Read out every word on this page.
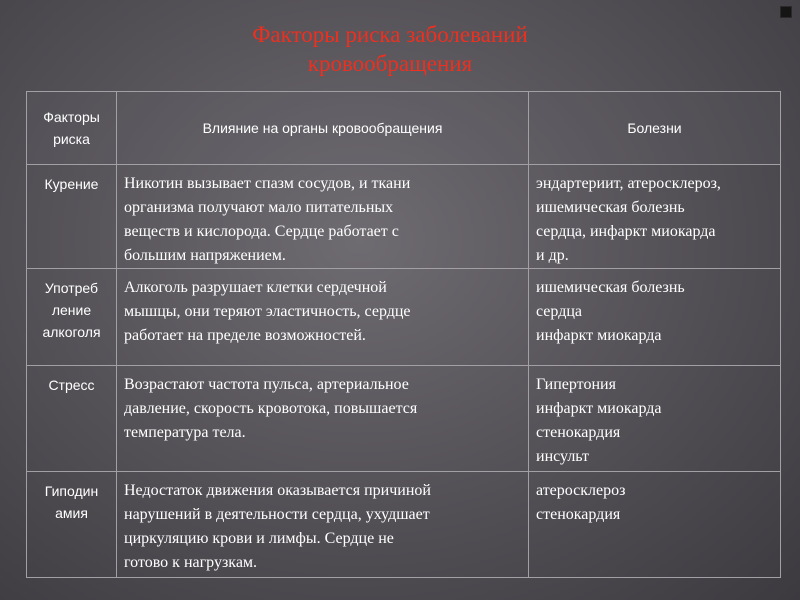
Факторы риска заболеваний
кровообращения
Факторы
риска	Влияние на органы кровообращения	Болезни

Курение	Никотин вызывает спазм сосудов, и ткани
организма получают мало питательных
веществ и кислорода. Сердце работает с
большим напряжением.	эндартериит, атеросклероз,
ишемическая болезнь
сердца, инфаркт миокарда
и др.

Употреб
ление
алкоголя	Алкоголь разрушает клетки сердечной
мышцы, они теряют эластичность, сердце
работает на пределе возможностей.	ишемическая болезнь
сердца
инфаркт миокарда

Стресс	Возрастают частота пульса, артериальное
давление, скорость кровотока, повышается
температура тела.	Гипертония
инфаркт миокарда
стенокардия
инсульт

Гиподин
амия	Недостаток движения оказывается причиной
нарушений в деятельности сердца, ухудшает
циркуляцию крови и лимфы. Сердце не
готово к нагрузкам.	атеросклероз
стенокардия
